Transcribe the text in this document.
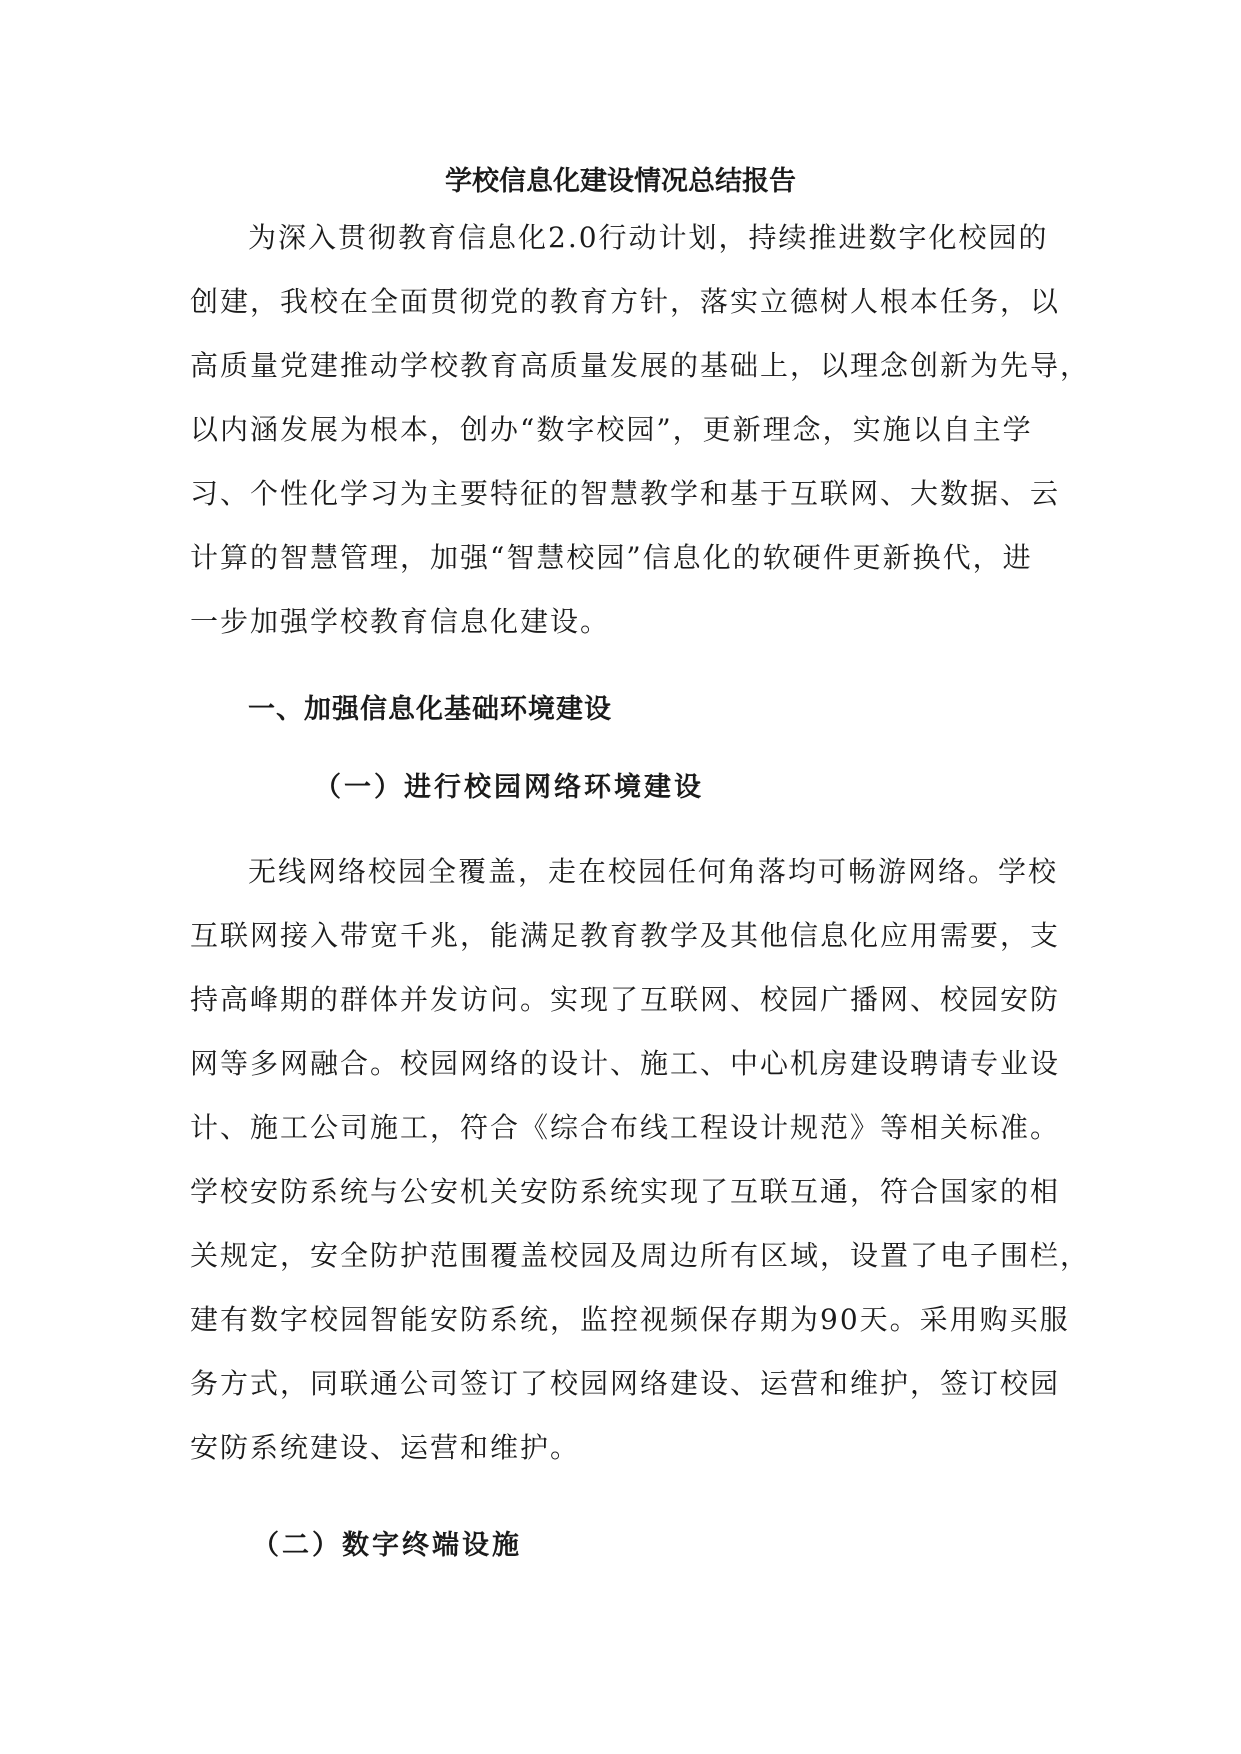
学校信息化建设情况总结报告
为深入贯彻教育信息化2.0行动计划，持续推进数字化校园的
创建，我校在全面贯彻党的教育方针，落实立德树人根本任务，以
高质量党建推动学校教育高质量发展的基础上，以理念创新为先导，
以内涵发展为根本，创办“数字校园”，更新理念，实施以自主学
习、个性化学习为主要特征的智慧教学和基于互联网、大数据、云
计算的智慧管理，加强“智慧校园”信息化的软硬件更新换代，进
一步加强学校教育信息化建设。
一、加强信息化基础环境建设
（一）进行校园网络环境建设
无线网络校园全覆盖，走在校园任何角落均可畅游网络。学校
互联网接入带宽千兆，能满足教育教学及其他信息化应用需要，支
持高峰期的群体并发访问。实现了互联网、校园广播网、校园安防
网等多网融合。校园网络的设计、施工、中心机房建设聘请专业设
计、施工公司施工，符合《综合布线工程设计规范》等相关标准。
学校安防系统与公安机关安防系统实现了互联互通，符合国家的相
关规定，安全防护范围覆盖校园及周边所有区域，设置了电子围栏，
建有数字校园智能安防系统，监控视频保存期为90天。采用购买服
务方式，同联通公司签订了校园网络建设、运营和维护，签订校园
安防系统建设、运营和维护。
（二）数字终端设施
